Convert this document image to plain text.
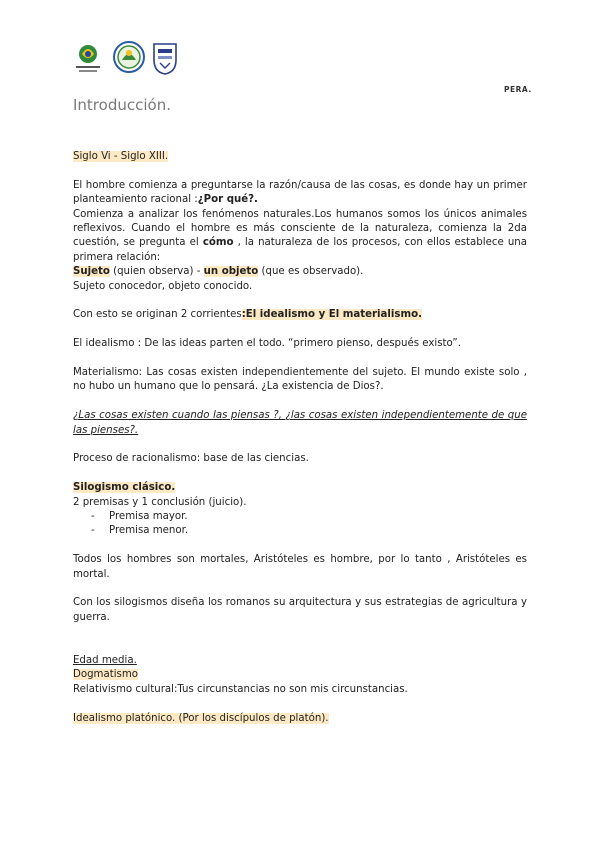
PERA.
Introducción.

Siglo Vi - Siglo XIII.

El hombre comienza a preguntarse la razón/causa de las cosas, es donde hay un primer planteamiento racional :¿Por qué?.

Comienza a analizar los fenómenos naturales.Los humanos somos los únicos animales reflexivos. Cuando el hombre es más consciente de la naturaleza, comienza la 2da cuestión, se pregunta el cómo , la naturaleza de los procesos, con ellos establece una primera relación:

Sujeto (quien observa) - un objeto (que es observado).

Sujeto conocedor, objeto conocido.

Con esto se originan 2 corrientes:El idealismo y El materialismo.

El idealismo : De las ideas parten el todo. “primero pienso, después existo”.

Materialismo: Las cosas existen independientemente del sujeto. El mundo existe solo , no hubo un humano que lo pensará. ¿La existencia de Dios?.

¿Las cosas existen cuando las piensas ?, ¿las cosas existen independientemente de que las pienses?.

Proceso de racionalismo: base de las ciencias.

Silogismo clásico.

2 premisas y 1 conclusión (juicio).

- Premisa mayor.
- Premisa menor.

Todos los hombres son mortales, Aristóteles es hombre, por lo tanto , Aristóteles es mortal.

Con los silogismos diseña los romanos su arquitectura y sus estrategias de agricultura y guerra.

Edad media.

Dogmatismo

Relativismo cultural:Tus circunstancias no son mis circunstancias.

Idealismo platónico. (Por los discípulos de platón).
